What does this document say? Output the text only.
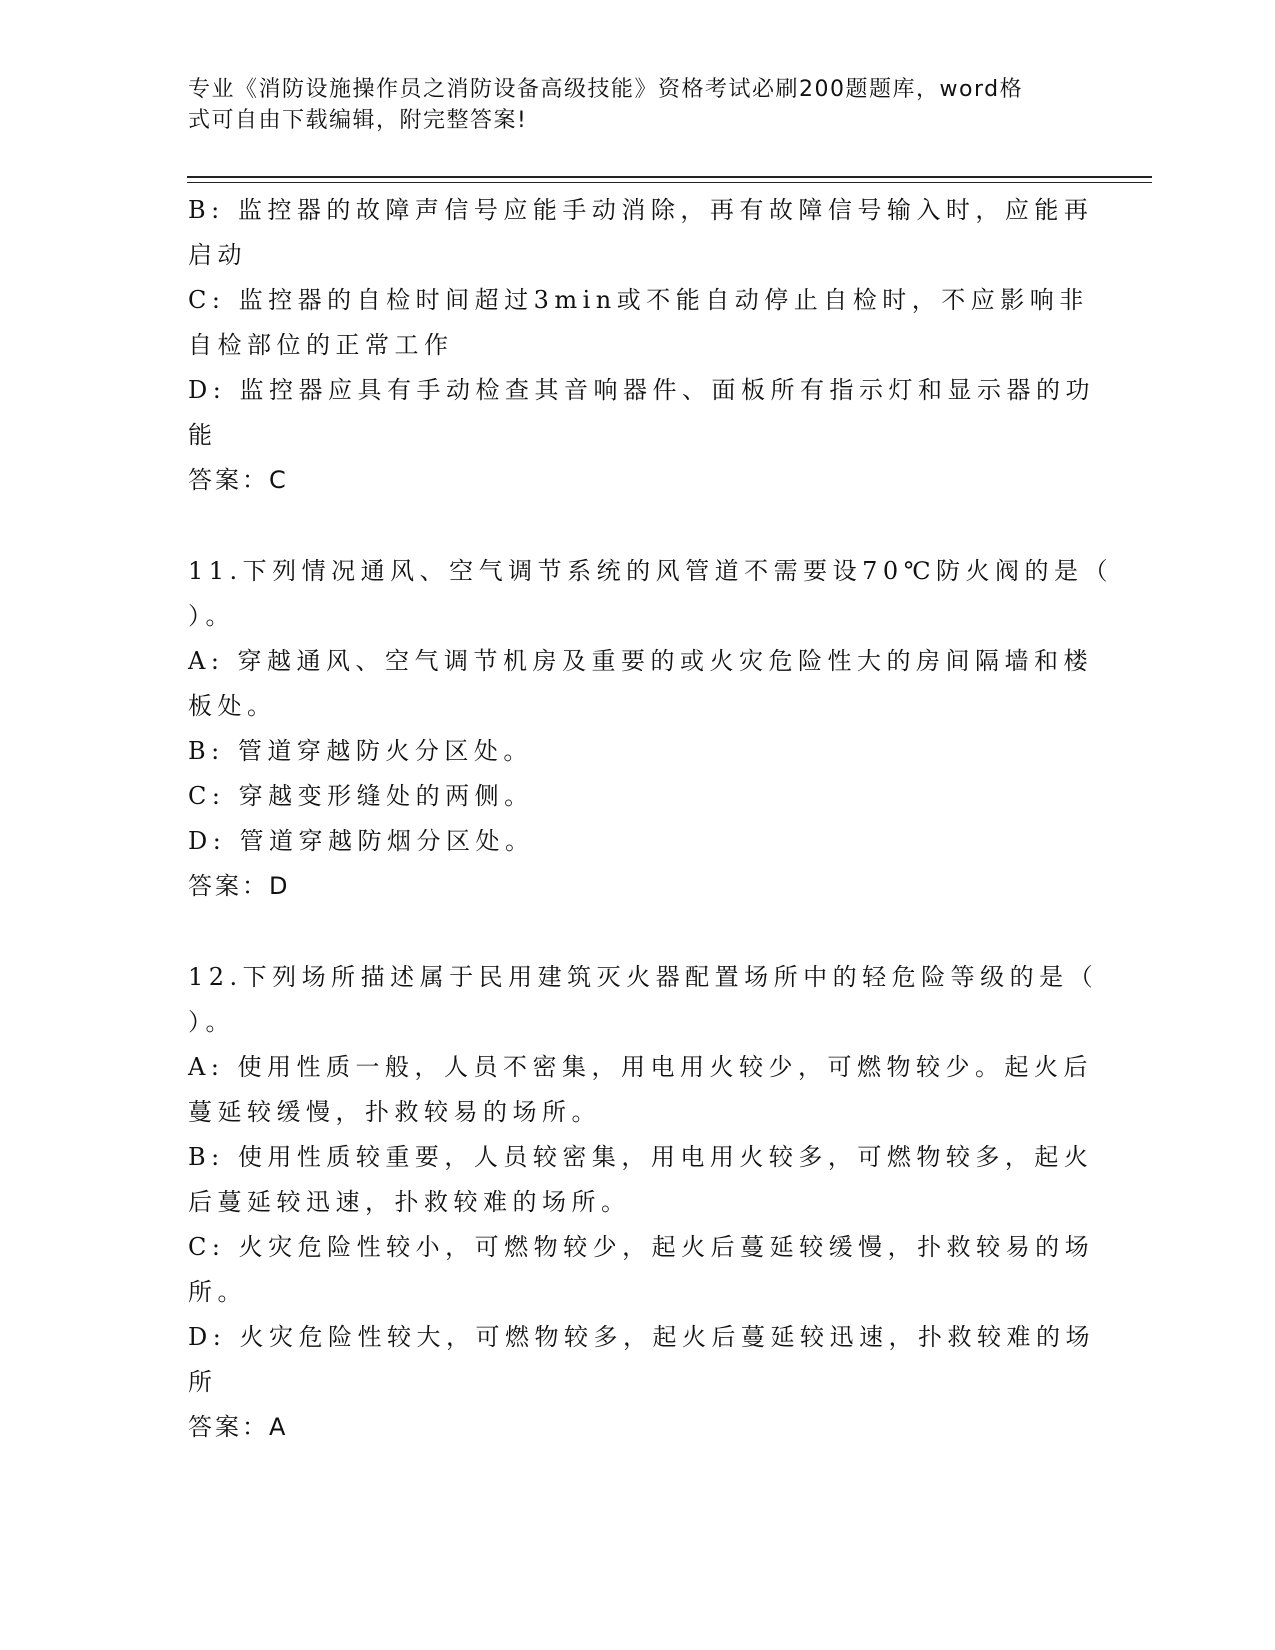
专业《消防设施操作员之消防设备高级技能》资格考试必刷200题题库，word格
式可自由下载编辑，附完整答案!
B: 监控器的故障声信号应能手动消除，再有故障信号输入时，应能再
启动
C: 监控器的自检时间超过3min或不能自动停止自检时，不应影响非
自检部位的正常工作
D: 监控器应具有手动检查其音响器件、面板所有指示灯和显示器的功
能
答案：C
11.下列情况通风、空气调节系统的风管道不需要设70℃防火阀的是（
）。
A: 穿越通风、空气调节机房及重要的或火灾危险性大的房间隔墙和楼
板处。
B: 管道穿越防火分区处。
C: 穿越变形缝处的两侧。
D: 管道穿越防烟分区处。
答案：D
12.下列场所描述属于民用建筑灭火器配置场所中的轻危险等级的是（
）。
A: 使用性质一般，人员不密集，用电用火较少，可燃物较少。起火后
蔓延较缓慢，扑救较易的场所。
B: 使用性质较重要，人员较密集，用电用火较多，可燃物较多，起火
后蔓延较迅速，扑救较难的场所。
C: 火灾危险性较小，可燃物较少，起火后蔓延较缓慢，扑救较易的场
所。
D: 火灾危险性较大，可燃物较多，起火后蔓延较迅速，扑救较难的场
所
答案：A
